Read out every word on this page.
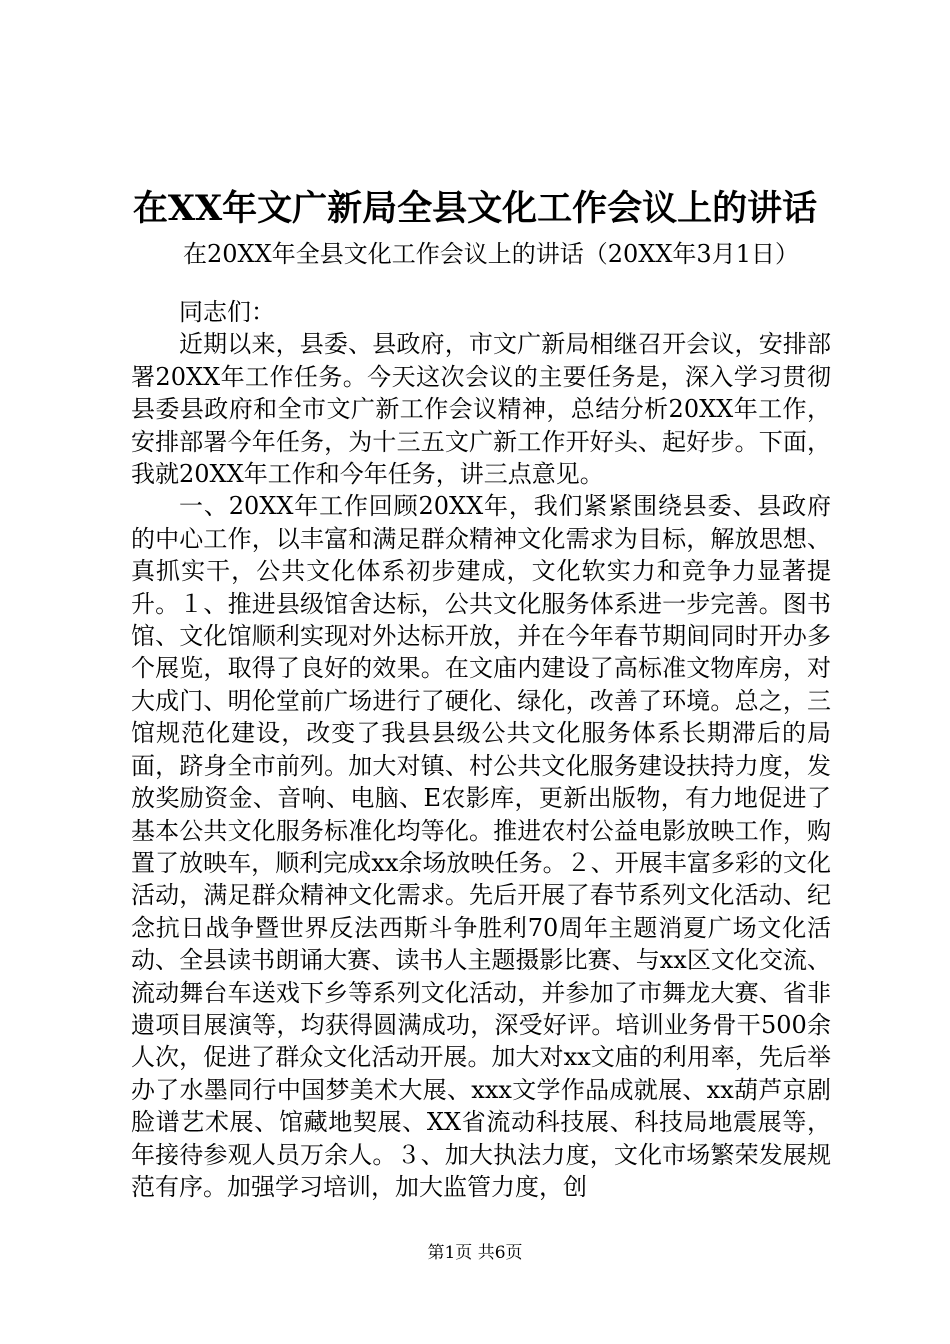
在XX年文广新局全县文化工作会议上的讲话
在20XX年全县文化工作会议上的讲话（20XX年3月1日）

同志们：

近期以来，县委、县政府，市文广新局相继召开会议，安排部署20XX年工作任务。今天这次会议的主要任务是，深入学习贯彻县委县政府和全市文广新工作会议精神，总结分析20XX年工作，安排部署今年任务，为十三五文广新工作开好头、起好步。下面，我就20XX年工作和今年任务，讲三点意见。

一、20XX年工作回顾20XX年，我们紧紧围绕县委、县政府的中心工作，以丰富和满足群众精神文化需求为目标，解放思想、真抓实干，公共文化体系初步建成，文化软实力和竞争力显著提升。１、推进县级馆舍达标，公共文化服务体系进一步完善。图书馆、文化馆顺利实现对外达标开放，并在今年春节期间同时开办多个展览，取得了良好的效果。在文庙内建设了高标准文物库房，对大成门、明伦堂前广场进行了硬化、绿化，改善了环境。总之，三馆规范化建设，改变了我县县级公共文化服务体系长期滞后的局面，跻身全市前列。加大对镇、村公共文化服务建设扶持力度，发放奖励资金、音响、电脑、E农影库，更新出版物，有力地促进了基本公共文化服务标准化均等化。推进农村公益电影放映工作，购置了放映车，顺利完成xx余场放映任务。２、开展丰富多彩的文化活动，满足群众精神文化需求。先后开展了春节系列文化活动、纪念抗日战争暨世界反法西斯斗争胜利70周年主题消夏广场文化活动、全县读书朗诵大赛、读书人主题摄影比赛、与xx区文化交流、流动舞台车送戏下乡等系列文化活动，并参加了市舞龙大赛、省非遗项目展演等，均获得圆满成功，深受好评。培训业务骨干500余人次，促进了群众文化活动开展。加大对xx文庙的利用率，先后举办了水墨同行中国梦美术大展、xxx文学作品成就展、xx葫芦京剧脸谱艺术展、馆藏地契展、XX省流动科技展、科技局地震展等，年接待参观人员万余人。３、加大执法力度，文化市场繁荣发展规范有序。加强学习培训，加大监管力度，创

第1页 共6页
